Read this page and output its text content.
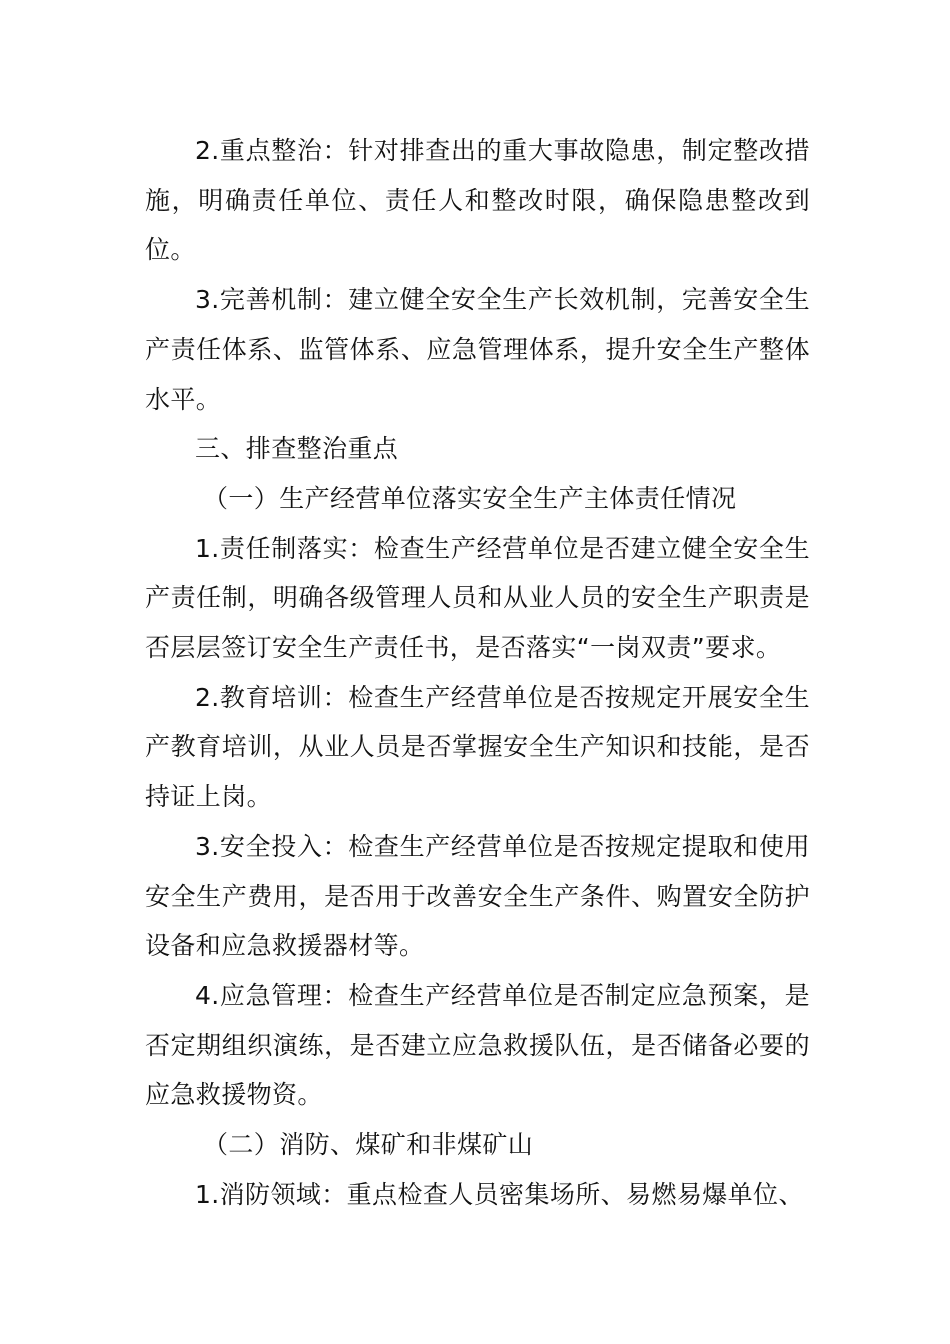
2.重点整治：针对排查出的重大事故隐患，制定整改措施，明确责任单位、责任人和整改时限，确保隐患整改到位。

3.完善机制：建立健全安全生产长效机制，完善安全生产责任体系、监管体系、应急管理体系，提升安全生产整体水平。

三、排查整治重点

（一）生产经营单位落实安全生产主体责任情况

1.责任制落实：检查生产经营单位是否建立健全安全生产责任制，明确各级管理人员和从业人员的安全生产职责是否层层签订安全生产责任书，是否落实“一岗双责”要求。

2.教育培训：检查生产经营单位是否按规定开展安全生产教育培训，从业人员是否掌握安全生产知识和技能，是否持证上岗。

3.安全投入：检查生产经营单位是否按规定提取和使用安全生产费用，是否用于改善安全生产条件、购置安全防护设备和应急救援器材等。

4.应急管理：检查生产经营单位是否制定应急预案，是否定期组织演练，是否建立应急救援队伍，是否储备必要的应急救援物资。

（二）消防、煤矿和非煤矿山

1.消防领域：重点检查人员密集场所、易燃易爆单位、
